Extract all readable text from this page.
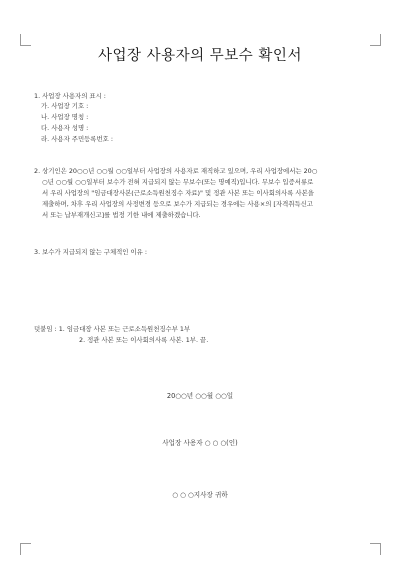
사업장 사용자의 무보수 확인서
1. 사업장 사용자의 표시 :
가. 사업장 기호 :
나. 사업장 명칭 :
다. 사용자 성명 :
라. 사용자 주민등록번호 :
2. 상기인은 20○○년 ○○월 ○○일부터 사업장의 사용자로 재직하고 있으며, 우리 사업장에서는 20○
○년 ○○월 ○○일부터 보수가 전혀 지급되지 않는 무보수(또는 명예직)입니다. 무보수 입증서류로
서 우리 사업장의 "임금대장사본(근로소득원천징수 자료)" 및 정관 사본 또는 이사회의사록 사본을
제출하며, 차후 우리 사업장의 사정변경 등으로 보수가 지급되는 경우에는 사용×의 [자격취득신고
서 또는 납부재개신고]를 법정 기한 내에 제출하겠습니다.
3. 보수가 지급되지 않는 구체적인 이유 :
덧붙임 : 1. 임금대장 사본 또는 근로소득원천징수부 1부
2. 정관 사본 또는 이사회의사록 사본. 1부. 끝.
20○○년 ○○월 ○○일
사업장 사용자 ○ ○ ○(인)
○ ○ ○지사장 귀하
